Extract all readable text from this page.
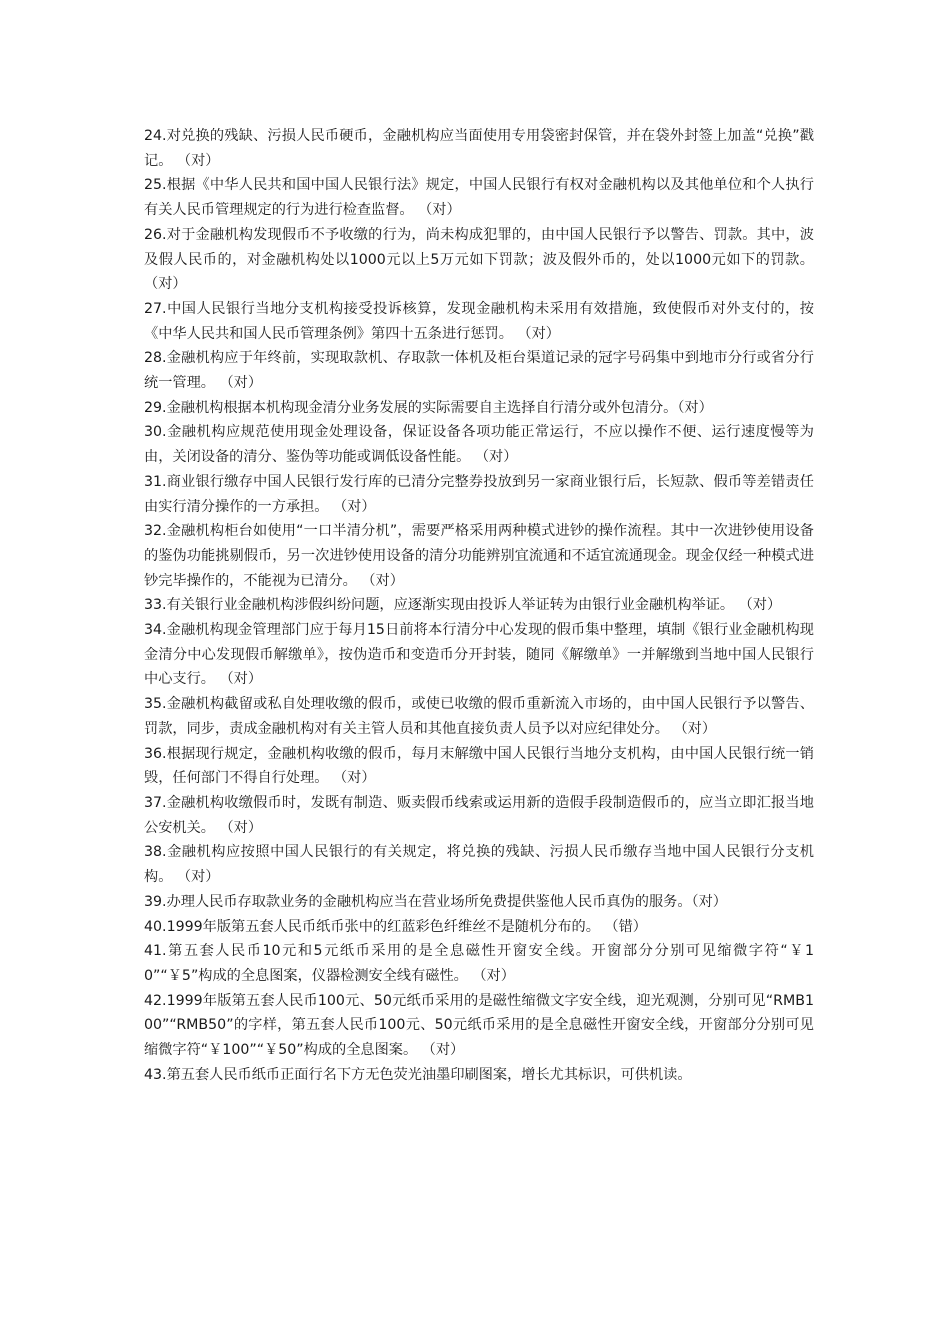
24.对兑换的残缺、污损人民币硬币，金融机构应当面使用专用袋密封保管，并在袋外封签上加盖“兑换”戳记。 （对）

25.根据《中华人民共和国中国人民银行法》规定，中国人民银行有权对金融机构以及其他单位和个人执行有关人民币管理规定的行为进行检查监督。 （对）

26.对于金融机构发现假币不予收缴的行为，尚未构成犯罪的，由中国人民银行予以警告、罚款。其中，波及假人民币的，对金融机构处以1000元以上5万元如下罚款；波及假外币的，处以1000元如下的罚款。 （对）

27.中国人民银行当地分支机构接受投诉核算，发现金融机构未采用有效措施，致使假币对外支付的，按《中华人民共和国人民币管理条例》第四十五条进行惩罚。 （对）

28.金融机构应于年终前，实现取款机、存取款一体机及柜台渠道记录的冠字号码集中到地市分行或省分行统一管理。 （对）

29.金融机构根据本机构现金清分业务发展的实际需要自主选择自行清分或外包清分。（对）

30.金融机构应规范使用现金处理设备，保证设备各项功能正常运行，不应以操作不便、运行速度慢等为由，关闭设备的清分、鉴伪等功能或调低设备性能。 （对）

31.商业银行缴存中国人民银行发行库的已清分完整券投放到另一家商业银行后，长短款、假币等差错责任由实行清分操作的一方承担。 （对）

32.金融机构柜台如使用“一口半清分机”，需要严格采用两种模式进钞的操作流程。其中一次进钞使用设备的鉴伪功能挑剔假币，另一次进钞使用设备的清分功能辨别宜流通和不适宜流通现金。现金仅经一种模式进钞完毕操作的，不能视为已清分。 （对）

33.有关银行业金融机构涉假纠纷问题，应逐渐实现由投诉人举证转为由银行业金融机构举证。 （对）

34.金融机构现金管理部门应于每月15日前将本行清分中心发现的假币集中整理，填制《银行业金融机构现金清分中心发现假币解缴单》，按伪造币和变造币分开封装，随同《解缴单》一并解缴到当地中国人民银行中心支行。 （对）

35.金融机构截留或私自处理收缴的假币，或使已收缴的假币重新流入市场的，由中国人民银行予以警告、罚款，同步，责成金融机构对有关主管人员和其他直接负责人员予以对应纪律处分。 （对）

36.根据现行规定，金融机构收缴的假币，每月末解缴中国人民银行当地分支机构，由中国人民银行统一销毁，任何部门不得自行处理。 （对）

37.金融机构收缴假币时，发既有制造、贩卖假币线索或运用新的造假手段制造假币的，应当立即汇报当地公安机关。 （对）

38.金融机构应按照中国人民银行的有关规定，将兑换的残缺、污损人民币缴存当地中国人民银行分支机构。 （对）

39.办理人民币存取款业务的金融机构应当在营业场所免费提供鉴他人民币真伪的服务。（对）

40.1999年版第五套人民币纸币张中的红蓝彩色纤维丝不是随机分布的。 （错）

41.第五套人民币10元和5元纸币采用的是全息磁性开窗安全线。开窗部分分别可见缩微字符“￥10”“￥5”构成的全息图案，仪器检测安全线有磁性。 （对）

42.1999年版第五套人民币100元、50元纸币采用的是磁性缩微文字安全线，迎光观测，分别可见“RMB100”“RMB50”的字样，第五套人民币100元、50元纸币采用的是全息磁性开窗安全线，开窗部分分别可见缩微字符“￥100”“￥50”构成的全息图案。 （对）

43.第五套人民币纸币正面行名下方无色荧光油墨印刷图案，增长尤其标识，可供机读。
